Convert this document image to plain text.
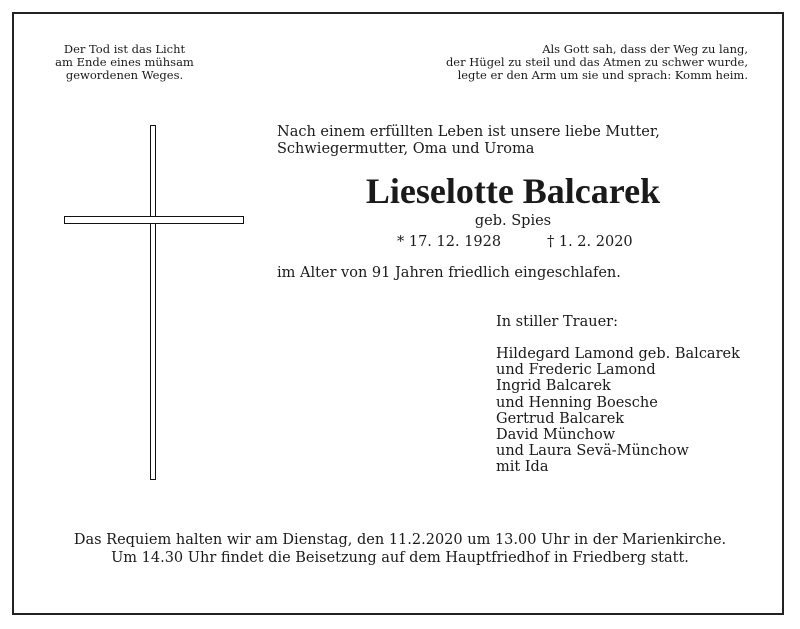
Der Tod ist das Licht
am Ende eines mühsam
gewordenen Weges.
Als Gott sah, dass der Weg zu lang,
der Hügel zu steil und das Atmen zu schwer wurde,
legte er den Arm um sie und sprach: Komm heim.
Nach einem erfüllten Leben ist unsere liebe Mutter,
Schwiegermutter, Oma und Uroma
Lieselotte Balcarek
geb. Spies
* 17. 12. 1928	† 1. 2. 2020
im Alter von 91 Jahren friedlich eingeschlafen.
In stiller Trauer:
Hildegard Lamond geb. Balcarek
und Frederic Lamond
Ingrid Balcarek
und Henning Boesche
Gertrud Balcarek
David Münchow
und Laura Sevä-Münchow
mit Ida
Das Requiem halten wir am Dienstag, den 11.2.2020 um 13.00 Uhr in der Marienkirche.
Um 14.30 Uhr findet die Beisetzung auf dem Hauptfriedhof in Friedberg statt.
